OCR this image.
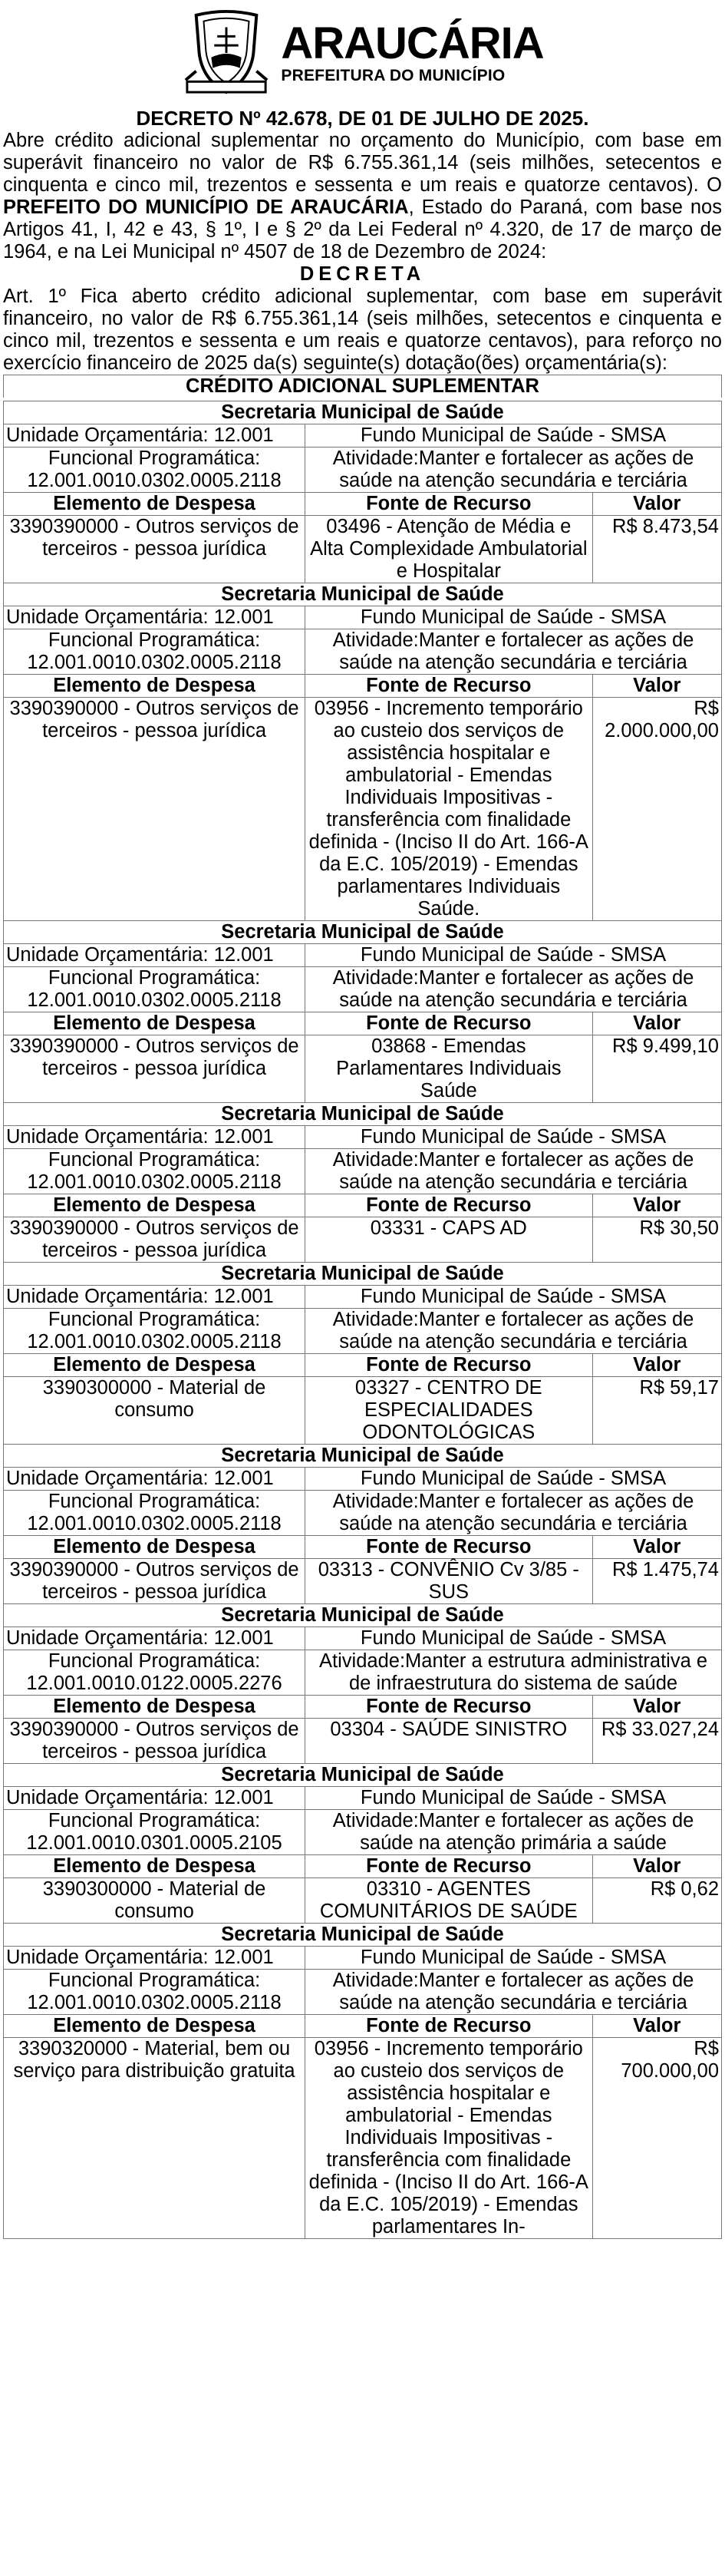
ARAUCÁRIA
PREFEITURA DO MUNICÍPIO
DECRETO Nº 42.678, DE 01 DE JULHO DE 2025.

Abre crédito adicional suplementar no orçamento do Município, com base em superávit financeiro no valor de R$ 6.755.361,14 (seis milhões, setecentos e cinquenta e cinco mil, trezentos e sessenta e um reais e quatorze centavos). O PREFEITO DO MUNICÍPIO DE ARAUCÁRIA, Estado do Paraná, com base nos Artigos 41, I, 42 e 43, § 1º, I e § 2º da Lei Federal nº 4.320, de 17 de março de 1964, e na Lei Municipal nº 4507 de 18 de Dezembro de 2024:

DECRETA

Art. 1º Fica aberto crédito adicional suplementar, com base em superávit financeiro, no valor de R$ 6.755.361,14 (seis milhões, setecentos e cinquenta e cinco mil, trezentos e sessenta e um reais e quatorze centavos), para reforço no exercício financeiro de 2025 da(s) seguinte(s) dotação(ões) orçamentária(s):

CRÉDITO ADICIONAL SUPLEMENTAR
Secretaria Municipal de Saúde		
Unidade Orçamentária: 12.001	Fundo Municipal de Saúde - SMSA	
Funcional Programática: 12.001.0010.0302.0005.2118	Atividade:Manter e fortalecer as ações de saúde na atenção secundária e terciária	
Elemento de Despesa	Fonte de Recurso	Valor
3390390000 - Outros serviços de terceiros - pessoa jurídica	03496 - Atenção de Média e Alta Complexidade Ambulatorial e Hospitalar	R$ 8.473,54
Secretaria Municipal de Saúde		
Unidade Orçamentária: 12.001	Fundo Municipal de Saúde - SMSA	
Funcional Programática: 12.001.0010.0302.0005.2118	Atividade:Manter e fortalecer as ações de saúde na atenção secundária e terciária	
Elemento de Despesa	Fonte de Recurso	Valor
3390390000 - Outros serviços de terceiros - pessoa jurídica	03956 - Incremento temporário ao custeio dos serviços de assistência hospitalar e ambulatorial - Emendas Individuais Impositivas - transferência com finalidade definida - (Inciso II do Art. 166-A da E.C. 105/2019) - Emendas parlamentares Individuais Saúde.	R$ 2.000.000,00
Secretaria Municipal de Saúde		
Unidade Orçamentária: 12.001	Fundo Municipal de Saúde - SMSA	
Funcional Programática: 12.001.0010.0302.0005.2118	Atividade:Manter e fortalecer as ações de saúde na atenção secundária e terciária	
Elemento de Despesa	Fonte de Recurso	Valor
3390390000 - Outros serviços de terceiros - pessoa jurídica	03868 - Emendas Parlamentares Individuais Saúde	R$ 9.499,10
Secretaria Municipal de Saúde		
Unidade Orçamentária: 12.001	Fundo Municipal de Saúde - SMSA	
Funcional Programática: 12.001.0010.0302.0005.2118	Atividade:Manter e fortalecer as ações de saúde na atenção secundária e terciária	
Elemento de Despesa	Fonte de Recurso	Valor
3390390000 - Outros serviços de terceiros - pessoa jurídica	03331 - CAPS AD	R$ 30,50
Secretaria Municipal de Saúde		
Unidade Orçamentária: 12.001	Fundo Municipal de Saúde - SMSA	
Funcional Programática: 12.001.0010.0302.0005.2118	Atividade:Manter e fortalecer as ações de saúde na atenção secundária e terciária	
Elemento de Despesa	Fonte de Recurso	Valor
3390300000 - Material de consumo	03327 - CENTRO DE ESPECIALIDADES ODONTOLÓGICAS	R$ 59,17
Secretaria Municipal de Saúde		
Unidade Orçamentária: 12.001	Fundo Municipal de Saúde - SMSA	
Funcional Programática: 12.001.0010.0302.0005.2118	Atividade:Manter e fortalecer as ações de saúde na atenção secundária e terciária	
Elemento de Despesa	Fonte de Recurso	Valor
3390390000 - Outros serviços de terceiros - pessoa jurídica	03313 - CONVÊNIO Cv 3/85 - SUS	R$ 1.475,74
Secretaria Municipal de Saúde		
Unidade Orçamentária: 12.001	Fundo Municipal de Saúde - SMSA	
Funcional Programática: 12.001.0010.0122.0005.2276	Atividade:Manter a estrutura administrativa e de infraestrutura do sistema de saúde	
Elemento de Despesa	Fonte de Recurso	Valor
3390390000 - Outros serviços de terceiros - pessoa jurídica	03304 - SAÚDE SINISTRO	R$ 33.027,24
Secretaria Municipal de Saúde		
Unidade Orçamentária: 12.001	Fundo Municipal de Saúde - SMSA	
Funcional Programática: 12.001.0010.0301.0005.2105	Atividade:Manter e fortalecer as ações de saúde na atenção primária a saúde	
Elemento de Despesa	Fonte de Recurso	Valor
3390300000 - Material de consumo	03310 - AGENTES COMUNITÁRIOS DE SAÚDE	R$ 0,62
Secretaria Municipal de Saúde		
Unidade Orçamentária: 12.001	Fundo Municipal de Saúde - SMSA	
Funcional Programática: 12.001.0010.0302.0005.2118	Atividade:Manter e fortalecer as ações de saúde na atenção secundária e terciária	
Elemento de Despesa	Fonte de Recurso	Valor
3390320000 - Material, bem ou serviço para distribuição gratuita	03956 - Incremento temporário ao custeio dos serviços de assistência hospitalar e ambulatorial - Emendas Individuais Impositivas - transferência com finalidade definida - (Inciso II do Art. 166-A da E.C. 105/2019) - Emendas parlamentares In-	R$ 700.000,00
